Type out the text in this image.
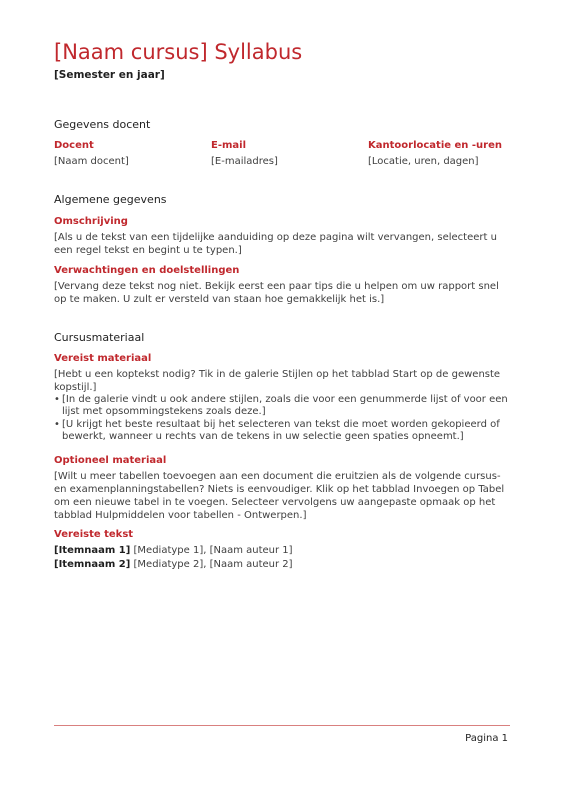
[Naam cursus] Syllabus
[Semester en jaar]
Gegevens docent
Docent
[Naam docent]
E-mail
[E-mailadres]
Kantoorlocatie en -uren
[Locatie, uren, dagen]
Algemene gegevens
Omschrijving
[Als u de tekst van een tijdelijke aanduiding op deze pagina wilt vervangen, selecteert u een regel tekst en begint u te typen.]
Verwachtingen en doelstellingen
[Vervang deze tekst nog niet. Bekijk eerst een paar tips die u helpen om uw rapport snel op te maken. U zult er versteld van staan hoe gemakkelijk het is.]
Cursusmateriaal
Vereist materiaal
[Hebt u een koptekst nodig? Tik in de galerie Stijlen op het tabblad Start op de gewenste kopstijl.]
• [In de galerie vindt u ook andere stijlen, zoals die voor een genummerde lijst of voor een lijst met opsommingstekens zoals deze.]
• [U krijgt het beste resultaat bij het selecteren van tekst die moet worden gekopieerd of bewerkt, wanneer u rechts van de tekens in uw selectie geen spaties opneemt.]
Optioneel materiaal
[Wilt u meer tabellen toevoegen aan een document die eruitzien als de volgende cursus- en examenplanningstabellen? Niets is eenvoudiger. Klik op het tabblad Invoegen op Tabel om een nieuwe tabel in te voegen. Selecteer vervolgens uw aangepaste opmaak op het tabblad Hulpmiddelen voor tabellen - Ontwerpen.]
Vereiste tekst
[Itemnaam 1] [Mediatype 1], [Naam auteur 1]
[Itemnaam 2] [Mediatype 2], [Naam auteur 2]
Pagina 1
